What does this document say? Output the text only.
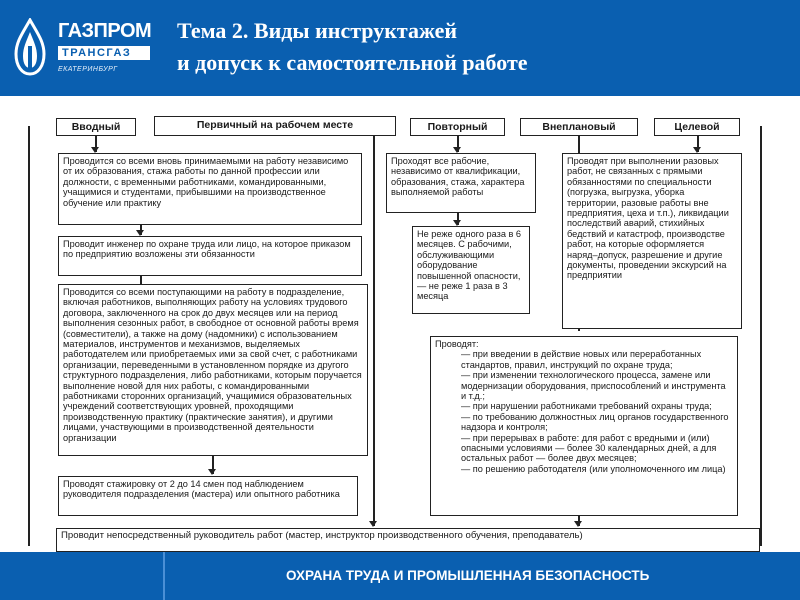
ГАЗПРОМ
ТРАНСГАЗ
ЕКАТЕРИНБУРГ
Тема 2. Виды инструктажей
и допуск к самостоятельной работе
Вводный	Первичный на рабочем месте	Повторный	Внеплановый	Целевой
Проводится со всеми вновь принимаемыми на работу независимо от их образования, стажа работы по данной профессии или должности, с временными работниками, командированными, учащимися и студентами, прибывшими на производственное обучение или практику
Проводит инженер по охране труда или лицо, на которое приказом по предприятию возложены эти обязанности
Проводится со всеми поступающими на работу в подразделение, включая работников, выполняющих работу на условиях трудового договора, заключенного на срок до двух месяцев или на период выполнения сезонных работ, в свободное от основной работы время (совместители), а также на дому (надомники) с использованием материалов, инструментов и механизмов, выделяемых работодателем или приобретаемых ими за свой счет, с работниками организации, переведенными в установленном порядке из другого структурного подразделения, либо работниками, которым поручается выполнение новой для них работы, с командированными работниками сторонних организаций, учащимися образовательных учреждений соответствующих уровней, проходящими производственную практику (практические занятия), и другими лицами, участвующими в производственной деятельности организации
Проводят стажировку от 2 до 14 смен под наблюдением руководителя подразделения (мастера) или опытного работника
Проходят все рабочие, независимо от квалификации, образования, стажа, характера выполняемой работы
Не реже одного раза в 6 месяцев. С рабочими, обслуживающими оборудование повышенной опасности, — не реже 1 раза в 3 месяца
Проводят при выполнении разовых работ, не связанных с прямыми обязанностями по специальности (погрузка, выгрузка, уборка территории, разовые работы вне предприятия, цеха и т.п.), ликвидации последствий аварий, стихийных бедствий и катастроф, производстве работ, на которые оформляется наряд–допуск, разрешение и другие документы, проведении экскурсий на предприятии
Проводят:
— при введении в действие новых или переработанных стандартов, правил, инструкций по охране труда;
— при изменении технологического процесса, замене или модернизации оборудования, приспособлений и инструмента и т.д.;
— при нарушении работниками требований охраны труда;
— по требованию должностных лиц органов государственного надзора и контроля;
— при перерывах в работе: для работ с вредными и (или) опасными условиями — более 30 календарных дней, а для остальных работ — более двух месяцев;
— по решению работодателя (или уполномоченного им лица)
Проводит непосредственный руководитель работ (мастер, инструктор производственного обучения, преподаватель)
ОХРАНА ТРУДА И ПРОМЫШЛЕННАЯ БЕЗОПАСНОСТЬ
